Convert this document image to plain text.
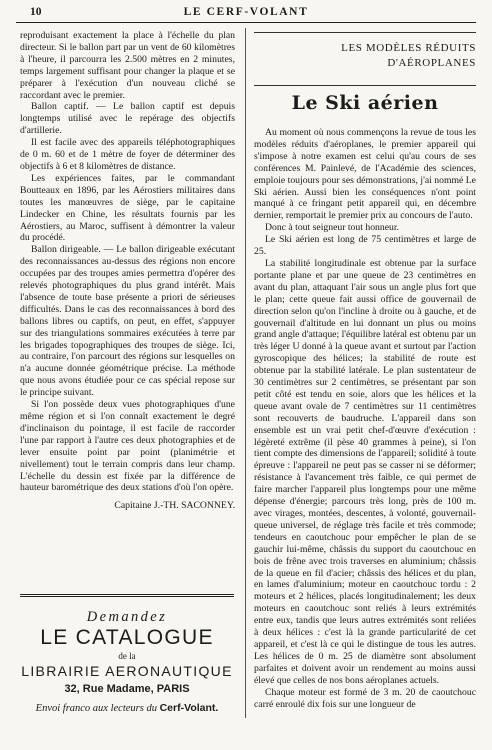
10	LE CERF-VOLANT

reproduisant exactement la place à l'échelle du plan directeur. Si le ballon part par un vent de 60 kilomètres à l'heure, il parcourra les 2.500 mètres en 2 minutes, temps largement suffisant pour changer la plaque et se préparer à l'exécution d'un nouveau cliché se raccordant avec le premier.

Ballon captif. — Le ballon captif est depuis longtemps utilisé avec le repérage des objectifs d'artillerie.

Il est facile avec des appareils téléphotographiques de 0 m. 60 et de 1 mètre de foyer de déterminer des objectifs à 6 et 8 kilomètres de distance.

Les expériences faites, par le commandant Boutteaux en 1896, par les Aérostiers militaires dans toutes les manœuvres de siège, par le capitaine Lindecker en Chine, les résultats fournis par les Aérostiers, au Maroc, suffisent à démontrer la valeur du procédé.

Ballon dirigeable. — Le ballon dirigeable exécutant des reconnaissances au-dessus des régions non encore occupées par des troupes amies permettra d'opérer des relevés photographiques du plus grand intérêt. Mais l'absence de toute base présente a priori de sérieuses difficultés. Dans le cas des reconnaissances à bord des ballons libres ou captifs, on peut, en effet, s'appuyer sur des triangulations sommaires exécutées à terre par les brigades topographiques des troupes de siège. Ici, au contraire, l'on parcourt des régions sur lesquelles on n'a aucune donnée géométrique précise. La méthode que nous avons étudiée pour ce cas spécial repose sur le principe suivant.

Si l'on possède deux vues photographiques d'une même région et si l'on connaît exactement le degré d'inclinaison du pointage, il est facile de raccorder l'une par rapport à l'autre ces deux photographies et de lever ensuite point par point (planimétrie et nivellement) tout le terrain compris dans leur champ. L'échelle du dessin est fixée par la différence de hauteur barométrique des deux stations d'où l'on opère.

Capitaine J.-TH. SACONNEY.
Demandez
LE CATALOGUE
de la
LIBRAIRIE AERONAUTIQUE
32, Rue Madame, PARIS
Envoi franco aux lecteurs du Cerf-Volant.
LES MODÈLES RÉDUITS
D'AÉROPLANES
Le Ski aérien

Au moment où nous commençons la revue de tous les modèles réduits d'aéroplanes, le premier appareil qui s'impose à notre examen est celui qu'au cours de ses conférences M. Painlevé, de l'Académie des sciences, emploie toujours pour ses démonstrations, j'ai nommé Le Ski aérien. Aussi bien les conséquences n'ont point manqué à ce fringant petit appareil qui, en décembre dernier, remportait le premier prix au concours de l'auto.

Donc à tout seigneur tout honneur.

Le Ski aérien est long de 75 centimètres et large de 25.

La stabilité longitudinale est obtenue par la surface portante plane et par une queue de 23 centimètres en avant du plan, attaquant l'air sous un angle plus fort que le plan; cette queue fait aussi office de gouvernail de direction selon qu'on l'incline à droite ou à gauche, et de gouvernail d'altitude en lui donnant un plus ou moins grand angle d'attaque; l'équilibre latéral est obtenu par un très léger U donné à la queue avant et surtout par l'action gyroscopique des hélices; la stabilité de route est obtenue par la stabilité latérale. Le plan sustentateur de 30 centimètres sur 2 centimètres, se présentant par son petit côté est tendu en soie, alors que les hélices et la queue avant ovale de 7 centimètres sur 11 centimètres sont recouverts de baudruche. L'appareil dans son ensemble est un vrai petit chef-d'œuvre d'exécution : légèreté extrême (il pèse 40 grammes à peine), si l'on tient compte des dimensions de l'appareil; solidité à toute épreuve : l'appareil ne peut pas se casser ni se déformer; résistance à l'avancement très faible, ce qui permet de faire marcher l'appareil plus longtemps pour une même dépense d'énergie; parcours très long, près de 100 m. avec virages, montées, descentes, à volonté, gouvernail-queue universel, de réglage très facile et très commode; tendeurs en caoutchouc pour empêcher le plan de se gauchir lui-même, châssis du support du caoutchouc en bois de frêne avec trois traverses en aluminium; châssis de la queue en fil d'acier; châssis des hélices et du plan, en lames d'aluminium; moteur en caoutchouc tordu : 2 moteurs et 2 hélices, placés longitudinalement; les deux moteurs en caoutchouc sont reliés à leurs extrémités entre eux, tandis que leurs autres extrémités sont reliées à deux hélices : c'est là la grande particularité de cet appareil, et c'est là ce qui le distingue de tous les autres. Les hélices de 0 m. 25 de diamètre sont absolument parfaites et doivent avoir un rendement au moins aussi élevé que celles de nos bons aéroplanes actuels.

Chaque moteur est formé de 3 m. 20 de caoutchouc carré enroulé dix fois sur une longueur de
